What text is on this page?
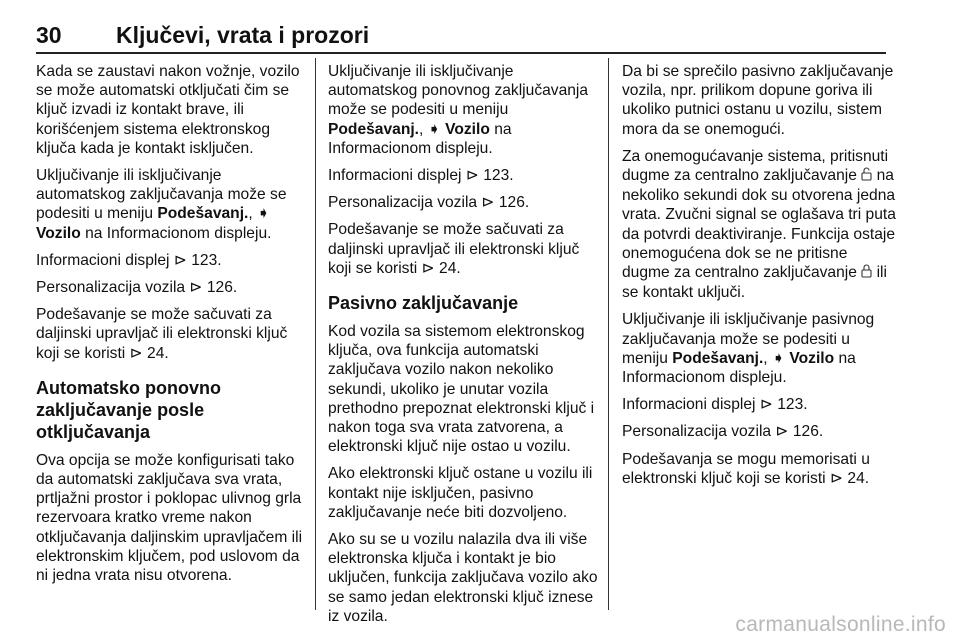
30 Ključevi, vrata i prozori

Kada se zaustavi nakon vožnje, vozilo se može automatski otključati čim se ključ izvadi iz kontakt brave, ili korišćenjem sistema elektronskog ključa kada je kontakt isključen.

Uključivanje ili isključivanje automatskog zaključavanja može se podesiti u meniju Podešavanj., ➧ Vozilo na Informacionom displeju.

Informacioni displej ⊳ 123.

Personalizacija vozila ⊳ 126.

Podešavanje se može sačuvati za daljinski upravljač ili elektronski ključ koji se koristi ⊳ 24.

Automatsko ponovno zaključavanje posle otključavanja

Ova opcija se može konfigurisati tako da automatski zaključava sva vrata, prtljažni prostor i poklopac ulivnog grla rezervoara kratko vreme nakon otključavanja daljinskim upravljačem ili elektronskim ključem, pod uslovom da ni jedna vrata nisu otvorena.

Uključivanje ili isključivanje automatskog ponovnog zaključavanja može se podesiti u meniju Podešavanj., ➧ Vozilo na Informacionom displeju.

Informacioni displej ⊳ 123.

Personalizacija vozila ⊳ 126.

Podešavanje se može sačuvati za daljinski upravljač ili elektronski ključ koji se koristi ⊳ 24.

Pasivno zaključavanje

Kod vozila sa sistemom elektronskog ključa, ova funkcija automatski zaključava vozilo nakon nekoliko sekundi, ukoliko je unutar vozila prethodno prepoznat elektronski ključ i nakon toga sva vrata zatvorena, a elektronski ključ nije ostao u vozilu.

Ako elektronski ključ ostane u vozilu ili kontakt nije isključen, pasivno zaključavanje neće biti dozvoljeno.

Ako su se u vozilu nalazila dva ili više elektronska ključa i kontakt je bio uključen, funkcija zaključava vozilo ako se samo jedan elektronski ključ iznese iz vozila.

Da bi se sprečilo pasivno zaključavanje vozila, npr. prilikom dopune goriva ili ukoliko putnici ostanu u vozilu, sistem mora da se onemogući.

Za onemogućavanje sistema, pritisnuti dugme za centralno zaključavanje  na nekoliko sekundi dok su otvorena jedna vrata. Zvučni signal se oglašava tri puta da potvrdi deaktiviranje. Funkcija ostaje onemogućena dok se ne pritisne dugme za centralno zaključavanje  ili se kontakt uključi.

Uključivanje ili isključivanje pasivnog zaključavanja može se podesiti u meniju Podešavanj., ➧ Vozilo na Informacionom displeju.

Informacioni displej ⊳ 123.

Personalizacija vozila ⊳ 126.

Podešavanja se mogu memorisati u elektronski ključ koji se koristi ⊳ 24.

carmanualsonline.info
